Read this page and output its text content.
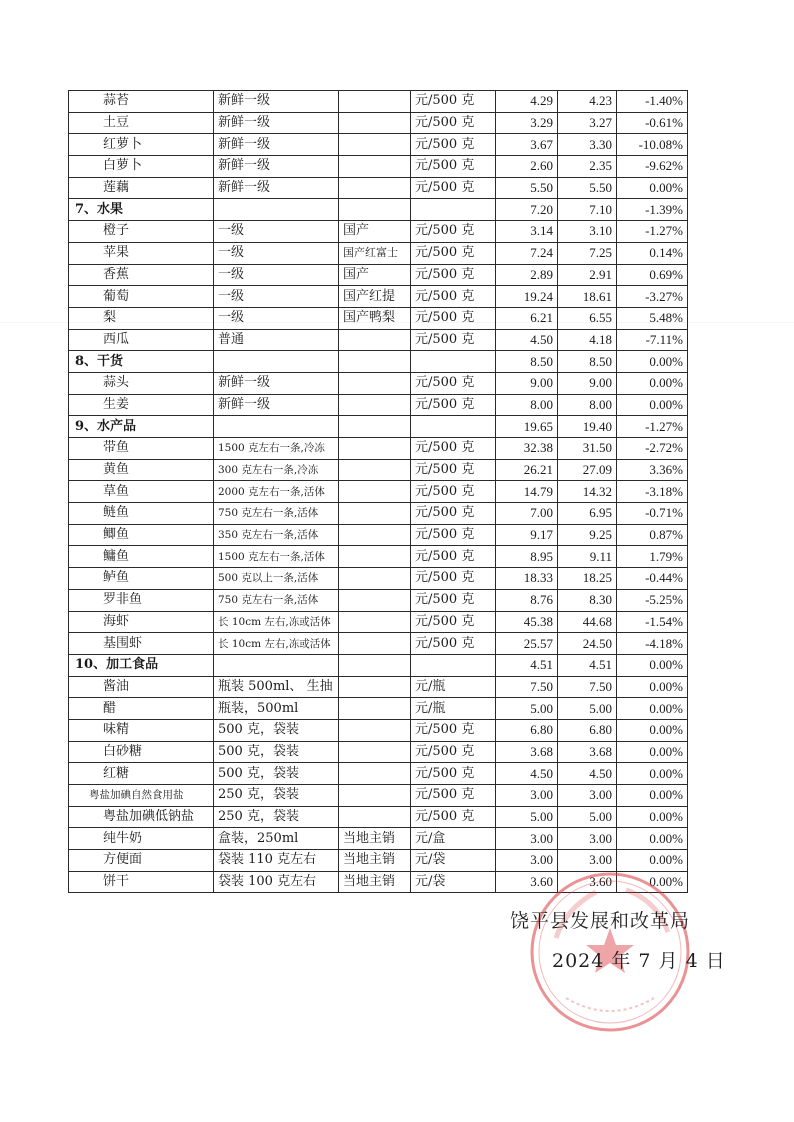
蒜苔	新鲜一级		元/500 克	4.29	4.23	-1.40%
土豆	新鲜一级		元/500 克	3.29	3.27	-0.61%
红萝卜	新鲜一级		元/500 克	3.67	3.30	-10.08%
白萝卜	新鲜一级		元/500 克	2.60	2.35	-9.62%
莲藕	新鲜一级		元/500 克	5.50	5.50	0.00%
7、水果				7.20	7.10	-1.39%
橙子	一级	国产	元/500 克	3.14	3.10	-1.27%
苹果	一级	国产红富士	元/500 克	7.24	7.25	0.14%
香蕉	一级	国产	元/500 克	2.89	2.91	0.69%
葡萄	一级	国产红提	元/500 克	19.24	18.61	-3.27%
梨	一级	国产鸭梨	元/500 克	6.21	6.55	5.48%
西瓜	普通		元/500 克	4.50	4.18	-7.11%
8、干货				8.50	8.50	0.00%
蒜头	新鲜一级		元/500 克	9.00	9.00	0.00%
生姜	新鲜一级		元/500 克	8.00	8.00	0.00%
9、水产品				19.65	19.40	-1.27%
带鱼	1500 克左右一条,冷冻		元/500 克	32.38	31.50	-2.72%
黄鱼	300 克左右一条,冷冻		元/500 克	26.21	27.09	3.36%
草鱼	2000 克左右一条,活体		元/500 克	14.79	14.32	-3.18%
鲢鱼	750 克左右一条,活体		元/500 克	7.00	6.95	-0.71%
鲫鱼	350 克左右一条,活体		元/500 克	9.17	9.25	0.87%
鳙鱼	1500 克左右一条,活体		元/500 克	8.95	9.11	1.79%
鲈鱼	500 克以上一条,活体		元/500 克	18.33	18.25	-0.44%
罗非鱼	750 克左右一条,活体		元/500 克	8.76	8.30	-5.25%
海虾	长 10cm 左右,冻或活体		元/500 克	45.38	44.68	-1.54%
基围虾	长 10cm 左右,冻或活体		元/500 克	25.57	24.50	-4.18%
10、加工食品				4.51	4.51	0.00%
酱油	瓶装 500ml、 生抽		元/瓶	7.50	7.50	0.00%
醋	瓶装，500ml		元/瓶	5.00	5.00	0.00%
味精	500 克，袋装		元/500 克	6.80	6.80	0.00%
白砂糖	500 克，袋装		元/500 克	3.68	3.68	0.00%
红糖	500 克，袋装		元/500 克	4.50	4.50	0.00%
粤盐加碘自然食用盐	250 克，袋装		元/500 克	3.00	3.00	0.00%
粤盐加碘低钠盐	250 克，袋装		元/500 克	5.00	5.00	0.00%
纯牛奶	盒装，250ml	当地主销	元/盒	3.00	3.00	0.00%
方便面	袋装 110 克左右	当地主销	元/袋	3.00	3.00	0.00%
饼干	袋装 100 克左右	当地主销	元/袋	3.60	3.60	0.00%
饶平县发展和改革局
2024 年 7 月 4 日
